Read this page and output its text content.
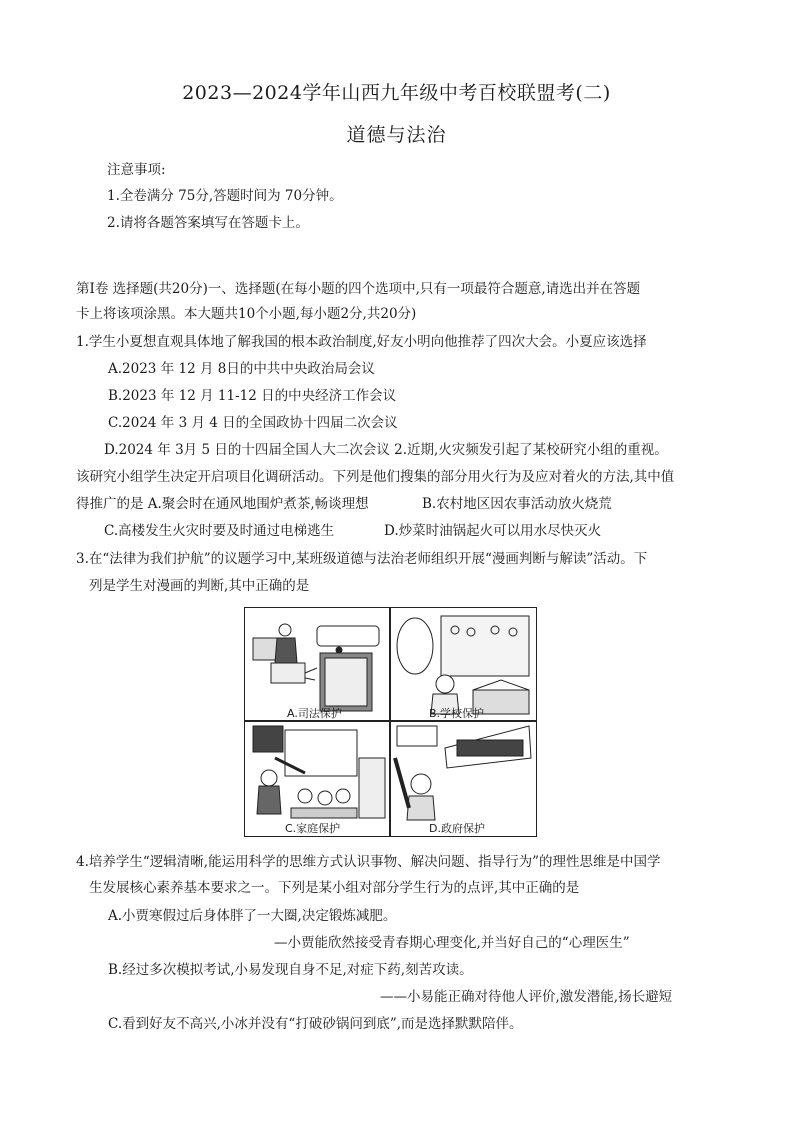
2023—2024学年山西九年级中考百校联盟考(二)
道德与法治
注意事项:
1.全卷满分 75分,答题时间为 70分钟。
2.请将各题答案填写在答题卡上。
第Ⅰ卷 选择题(共20分)一、选择题(在每小题的四个选项中,只有一项最符合题意,请选出并在答题
卡上将该项涂黑。本大题共10个小题,每小题2分,共20分)
1.学生小夏想直观具体地了解我国的根本政治制度,好友小明向他推荐了四次大会。小夏应该选择
A.2023 年 12 月 8日的中共中央政治局会议
B.2023 年 12 月 11-12 日的中央经济工作会议
C.2024 年 3 月 4 日的全国政协十四届二次会议
D.2024 年 3月 5 日的十四届全国人大二次会议 2.近期,火灾频发引起了某校研究小组的重视。
该研究小组学生决定开启项目化调研活动。下列是他们搜集的部分用火行为及应对着火的方法,其中值
得推广的是 A.聚会时在通风地围炉煮茶,畅谈理想	B.农村地区因农事活动放火烧荒
C.高楼发生火灾时要及时通过电梯逃生	D.炒菜时油锅起火可以用水尽快灭火
3.在“法律为我们护航”的议题学习中,某班级道德与法治老师组织开展“漫画判断与解读”活动。下
列是学生对漫画的判断,其中正确的是
A.司法保护	B.学校保护
C.家庭保护	D.政府保护
4.培养学生“逻辑清晰,能运用科学的思维方式认识事物、解决问题、指导行为”的理性思维是中国学
生发展核心素养基本要求之一。下列是某小组对部分学生行为的点评,其中正确的是
A.小贾寒假过后身体胖了一大圈,决定锻炼减肥。
—小贾能欣然接受青春期心理变化,并当好自己的“心理医生”
B.经过多次模拟考试,小易发现自身不足,对症下药,刻苦攻读。
——小易能正确对待他人评价,激发潜能,扬长避短
C.看到好友不高兴,小冰并没有“打破砂锅问到底”,而是选择默默陪伴。
